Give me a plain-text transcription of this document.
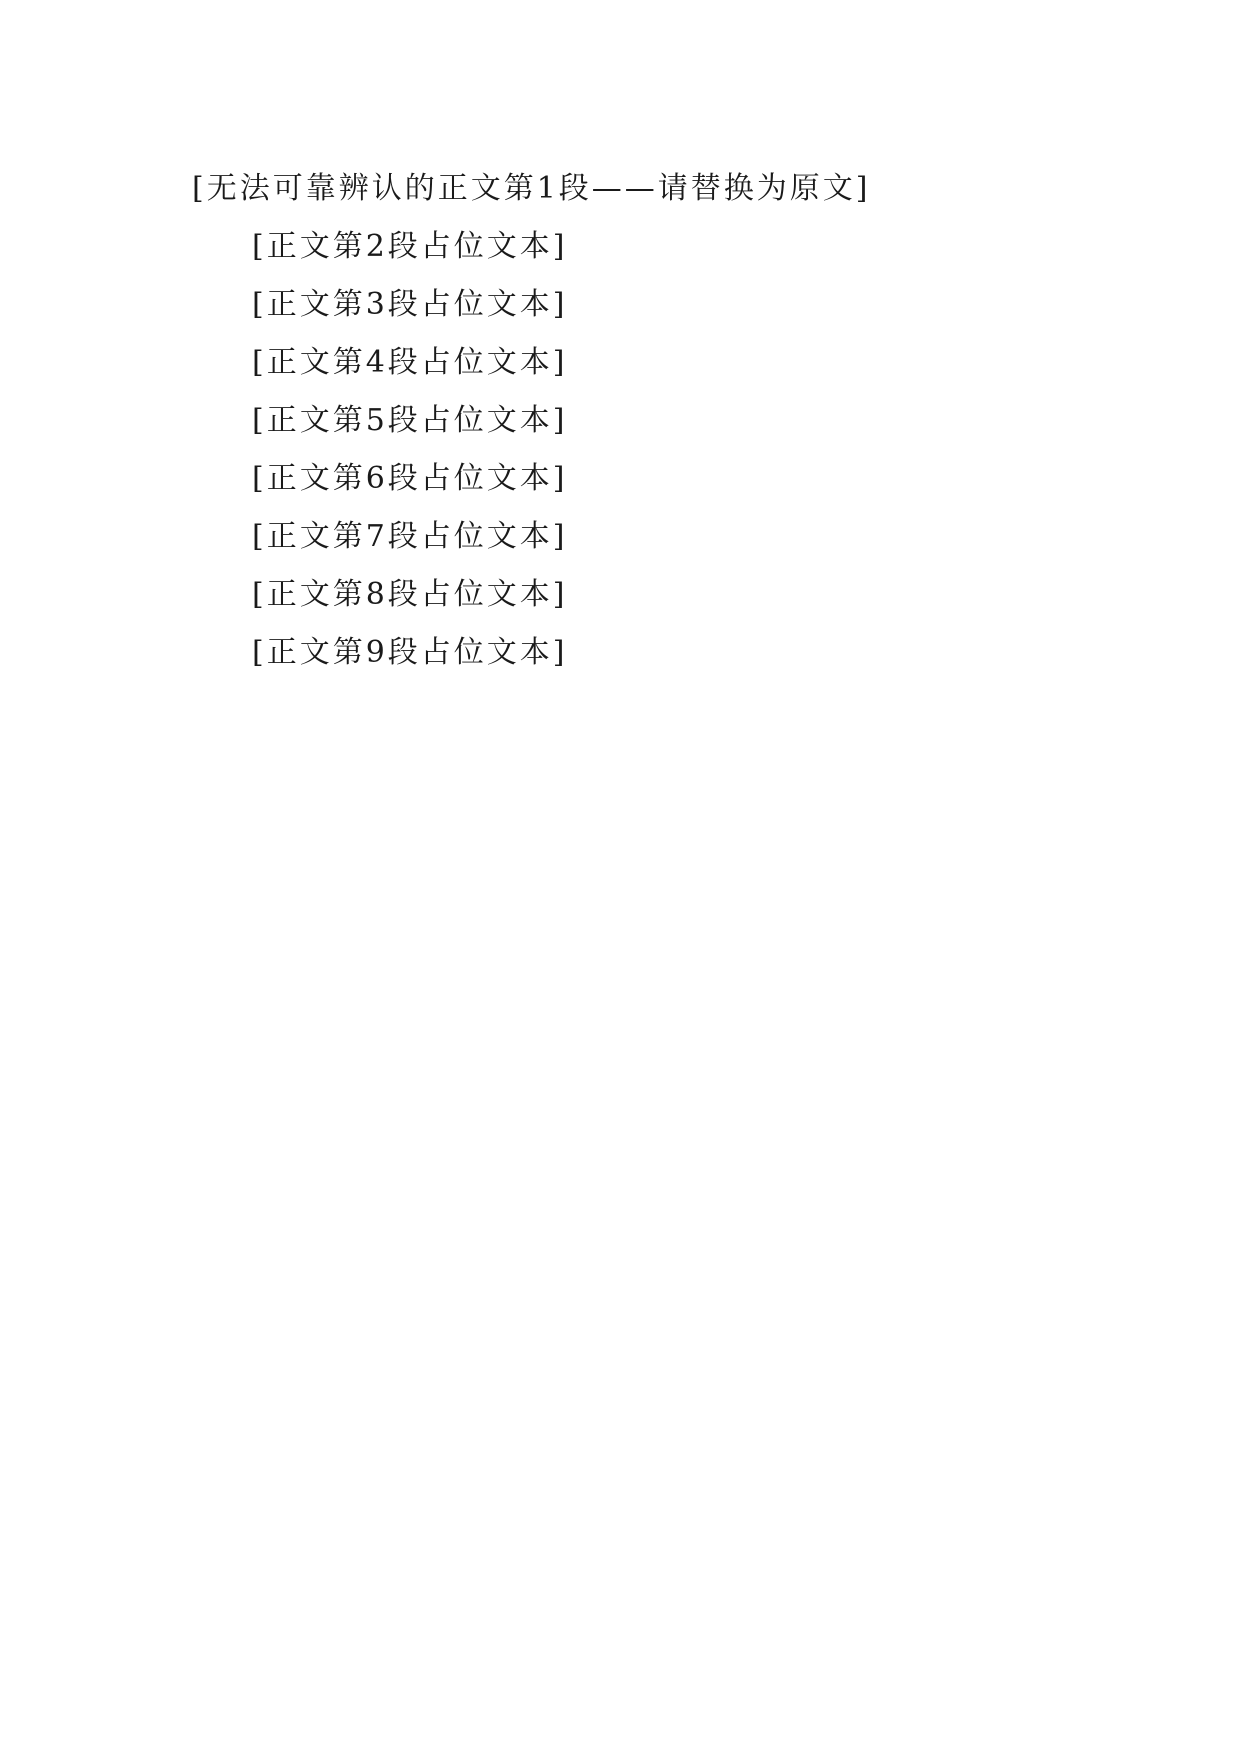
[无法可靠辨认的正文第1段——请替换为原文]

[正文第2段占位文本]

[正文第3段占位文本]

[正文第4段占位文本]

[正文第5段占位文本]

[正文第6段占位文本]

[正文第7段占位文本]

[正文第8段占位文本]

[正文第9段占位文本]
